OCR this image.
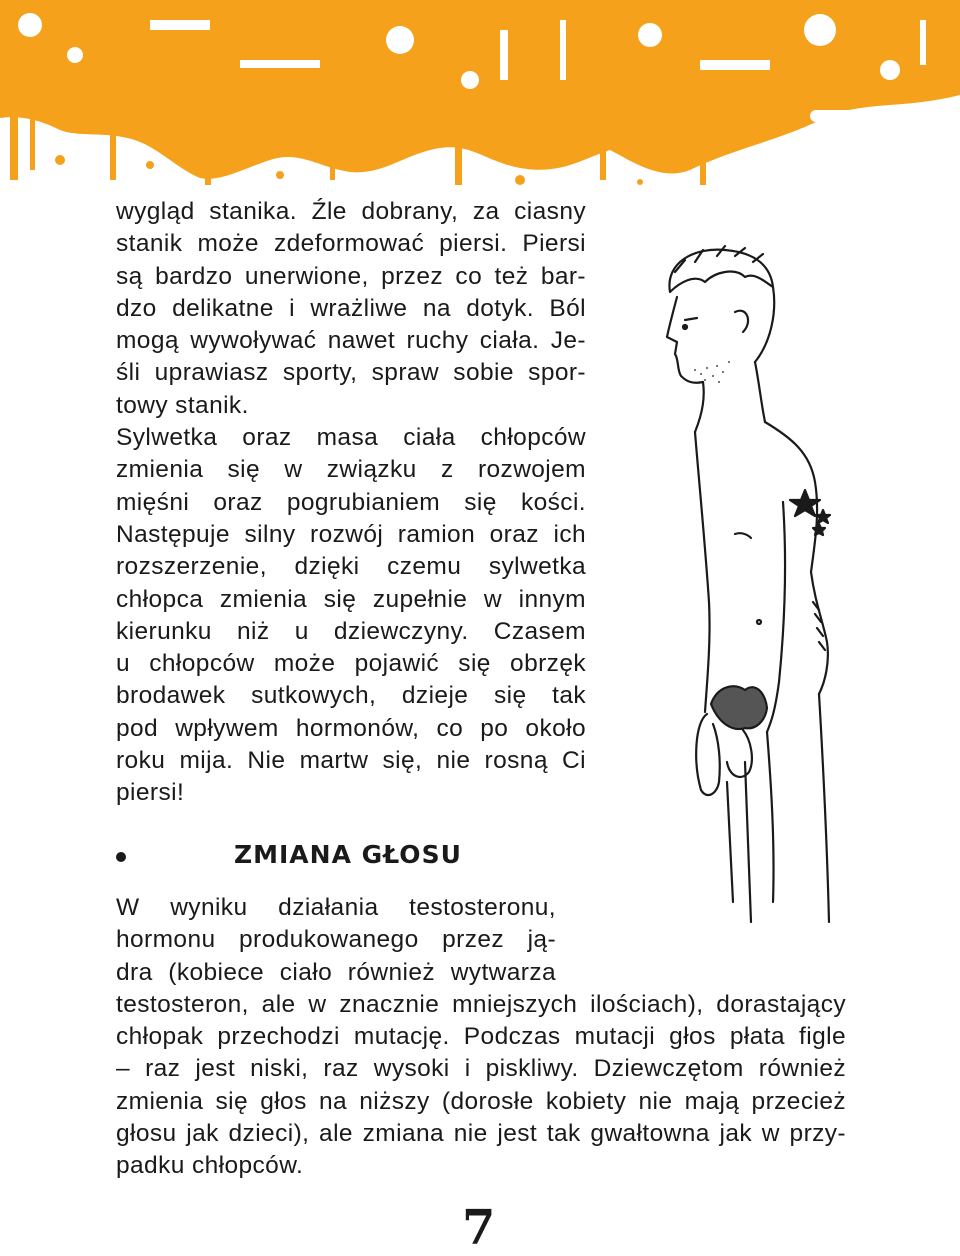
wygląd stanika. Źle dobrany, za ciasny
stanik może zdeformować piersi. Piersi
są bardzo unerwione, przez co też bar-
dzo delikatne i wrażliwe na dotyk. Ból
mogą wywoływać nawet ruchy ciała. Je-
śli uprawiasz sporty, spraw sobie spor-
towy stanik.
Sylwetka oraz masa ciała chłopców
zmienia się w związku z rozwojem
mięśni oraz pogrubianiem się kości.
Następuje silny rozwój ramion oraz ich
rozszerzenie, dzięki czemu sylwetka
chłopca zmienia się zupełnie w innym
kierunku niż u dziewczyny. Czasem
u chłopców może pojawić się obrzęk
brodawek sutkowych, dzieje się tak
pod wpływem hormonów, co po około
roku mija. Nie martw się, nie rosną Ci
piersi!
ZMIANA GŁOSU
W wyniku działania testosteronu,
hormonu produkowanego przez ją-
dra (kobiece ciało również wytwarza
testosteron, ale w znacznie mniejszych ilościach), dorastający
chłopak przechodzi mutację. Podczas mutacji głos płata figle
– raz jest niski, raz wysoki i piskliwy. Dziewczętom również
zmienia się głos na niższy (dorosłe kobiety nie mają przecież
głosu jak dzieci), ale zmiana nie jest tak gwałtowna jak w przy-
padku chłopców.
7
